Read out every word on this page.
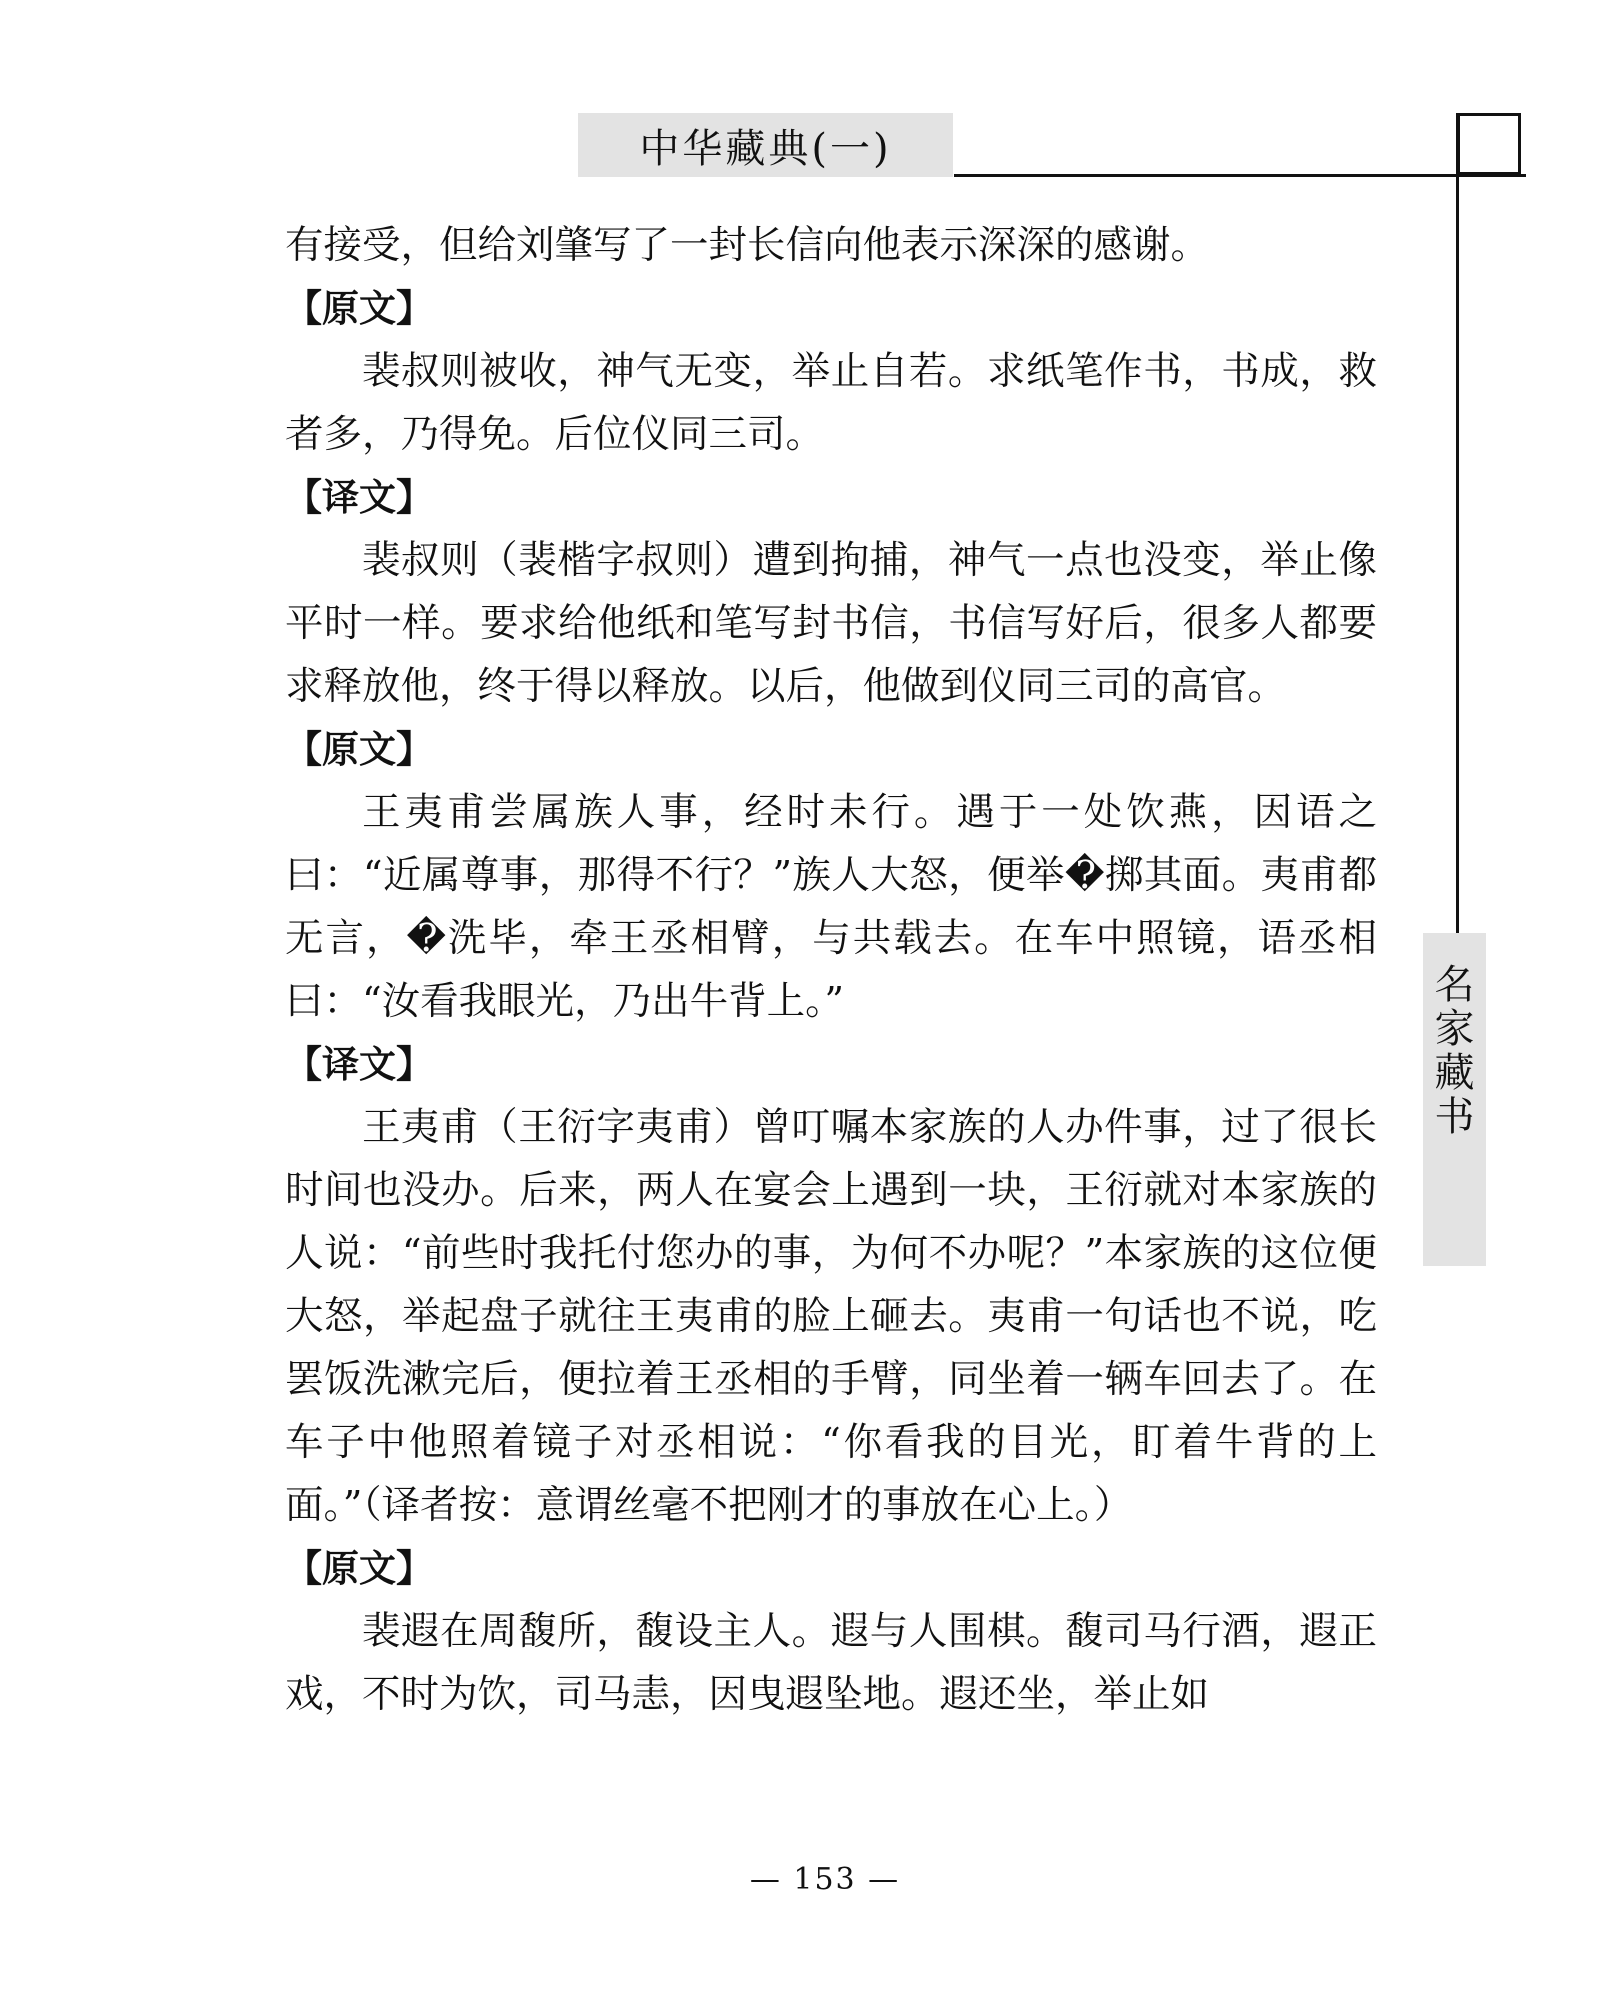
中华藏典(一)
名
家
藏
书

有接受，但给刘肇写了一封长信向他表示深深的感谢。

【原文】

裴叔则被收，神气无变，举止自若。求纸笔作书，书成，救者多，乃得免。后位仪同三司。

【译文】

裴叔则（裴楷字叔则）遭到拘捕，神气一点也没变，举止像平时一样。要求给他纸和笔写封书信，书信写好后，很多人都要求释放他，终于得以释放。以后，他做到仪同三司的高官。

【原文】

王夷甫尝属族人事，经时未行。遇于一处饮燕，因语之曰：“近属尊事，那得不行？”族人大怒，便举�掷其面。夷甫都无言，�洗毕，牵王丞相臂，与共载去。在车中照镜，语丞相曰：“汝看我眼光，乃出牛背上。”

【译文】

王夷甫（王衍字夷甫）曾叮嘱本家族的人办件事，过了很长时间也没办。后来，两人在宴会上遇到一块，王衍就对本家族的人说：“前些时我托付您办的事，为何不办呢？”本家族的这位便大怒，举起盘子就往王夷甫的脸上砸去。夷甫一句话也不说，吃罢饭洗漱完后，便拉着王丞相的手臂，同坐着一辆车回去了。在车子中他照着镜子对丞相说：“你看我的目光，盯着牛背的上面。”（译者按：意谓丝毫不把刚才的事放在心上。）

【原文】

裴遐在周馥所，馥设主人。遐与人围棋。馥司马行酒，遐正戏，不时为饮，司马恚，因曳遐坠地。遐还坐，举止如

— 153 —
